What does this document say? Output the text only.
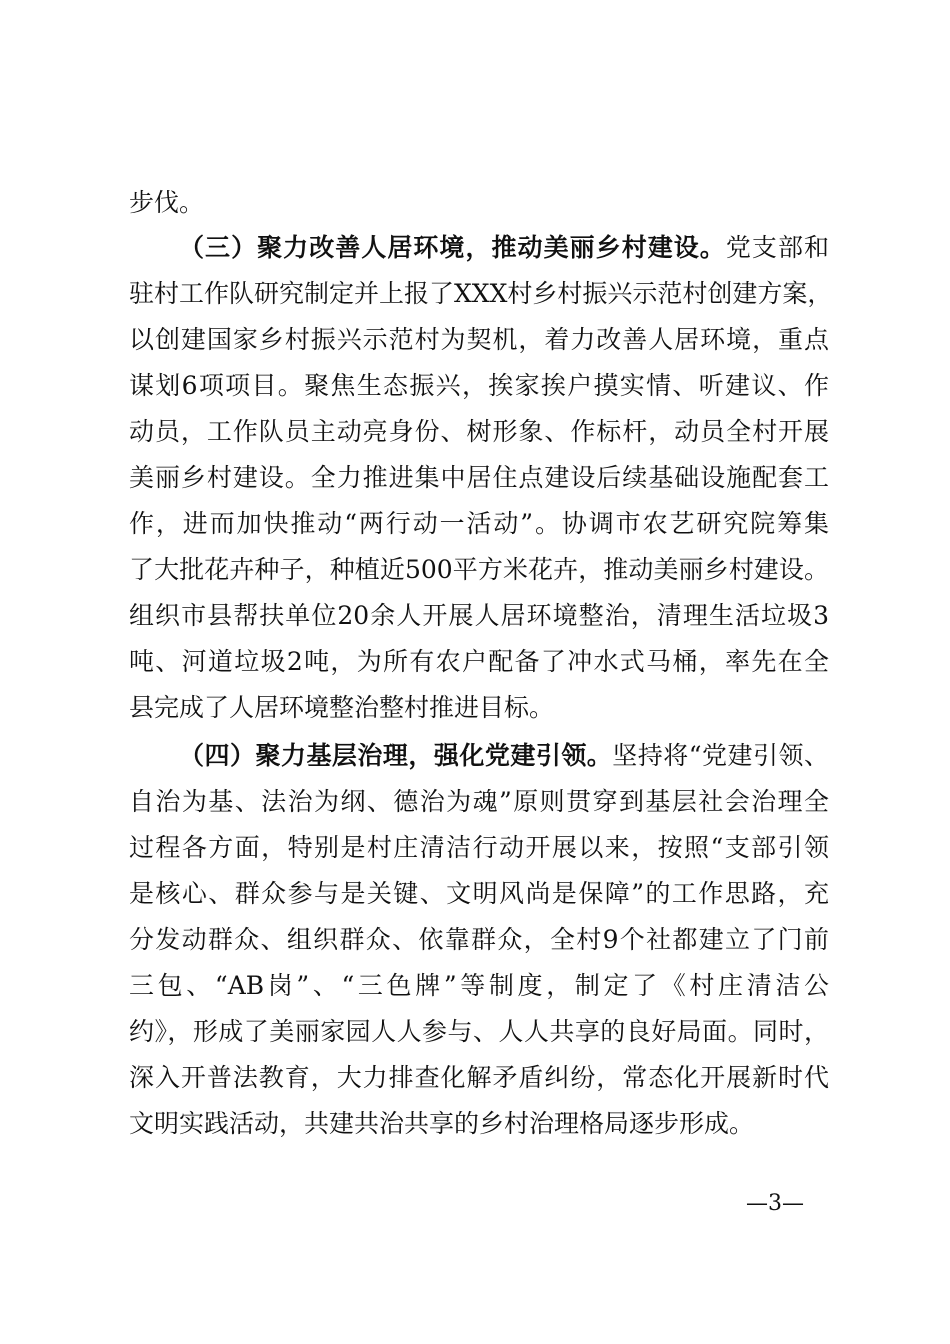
步伐。
（三）聚力改善人居环境，推动美丽乡村建设。党支部和
驻村工作队研究制定并上报了XXX村乡村振兴示范村创建方案，
以创建国家乡村振兴示范村为契机，着力改善人居环境，重点
谋划6项项目。聚焦生态振兴，挨家挨户摸实情、听建议、作
动员，工作队员主动亮身份、树形象、作标杆，动员全村开展
美丽乡村建设。全力推进集中居住点建设后续基础设施配套工
作，进而加快推动“两行动一活动”。协调市农艺研究院筹集
了大批花卉种子，种植近500平方米花卉，推动美丽乡村建设。
组织市县帮扶单位20余人开展人居环境整治，清理生活垃圾3
吨、河道垃圾2吨，为所有农户配备了冲水式马桶，率先在全
县完成了人居环境整治整村推进目标。
（四）聚力基层治理，强化党建引领。坚持将“党建引领、
自治为基、法治为纲、德治为魂”原则贯穿到基层社会治理全
过程各方面，特别是村庄清洁行动开展以来，按照“支部引领
是核心、群众参与是关键、文明风尚是保障”的工作思路，充
分发动群众、组织群众、依靠群众，全村9个社都建立了门前
三包、“AB岗”、“三色牌”等制度，制定了《村庄清洁公
约》，形成了美丽家园人人参与、人人共享的良好局面。同时，
深入开普法教育，大力排查化解矛盾纠纷，常态化开展新时代
文明实践活动，共建共治共享的乡村治理格局逐步形成。
—3—
